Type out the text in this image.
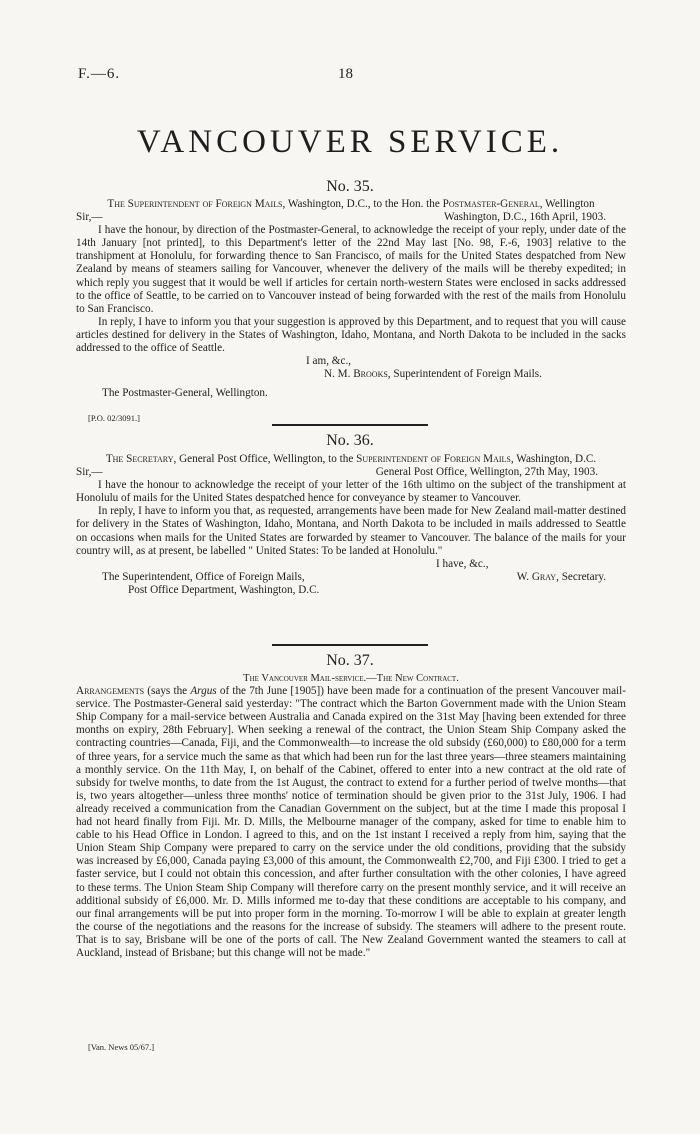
F.—6.	18
VANCOUVER SERVICE.
No. 35.

The Superintendent of Foreign Mails, Washington, D.C., to the Hon. the Postmaster-General, Wellington

Sir,—	Washington, D.C., 16th April, 1903.

I have the honour, by direction of the Postmaster-General, to acknowledge the receipt of your reply, under date of the 14th January [not printed], to this Department's letter of the 22nd May last [No. 98, F.-6, 1903] relative to the transhipment at Honolulu, for forwarding thence to San Francisco, of mails for the United States despatched from New Zealand by means of steamers sailing for Vancouver, whenever the delivery of the mails will be thereby expedited; in which reply you suggest that it would be well if articles for certain north-western States were enclosed in sacks addressed to the office of Seattle, to be carried on to Vancouver instead of being forwarded with the rest of the mails from Honolulu to San Francisco.

In reply, I have to inform you that your suggestion is approved by this Department, and to request that you will cause articles destined for delivery in the States of Washington, Idaho, Montana, and North Dakota to be included in the sacks addressed to the office of Seattle.

I am, &c.,

N. M. Brooks, Superintendent of Foreign Mails.

The Postmaster-General, Wellington.

[P.O. 02/3091.]
No. 36.

The Secretary, General Post Office, Wellington, to the Superintendent of Foreign Mails, Washington, D.C.

Sir,—	General Post Office, Wellington, 27th May, 1903.

I have the honour to acknowledge the receipt of your letter of the 16th ultimo on the subject of the transhipment at Honolulu of mails for the United States despatched hence for conveyance by steamer to Vancouver.

In reply, I have to inform you that, as requested, arrangements have been made for New Zealand mail-matter destined for delivery in the States of Washington, Idaho, Montana, and North Dakota to be included in mails addressed to Seattle on occasions when mails for the United States are forwarded by steamer to Vancouver. The balance of the mails for your country will, as at present, be labelled " United States: To be landed at Honolulu."

I have, &c.,

The Superintendent, Office of Foreign Mails,	W. Gray, Secretary.

Post Office Department, Washington, D.C.

No. 37.

The Vancouver Mail-service.—The New Contract.

Arrangements (says the Argus of the 7th June [1905]) have been made for a continuation of the present Vancouver mail-service. The Postmaster-General said yesterday: "The contract which the Barton Government made with the Union Steam Ship Company for a mail-service between Australia and Canada expired on the 31st May [having been extended for three months on expiry, 28th February]. When seeking a renewal of the contract, the Union Steam Ship Company asked the contracting countries—Canada, Fiji, and the Commonwealth—to increase the old subsidy (£60,000) to £80,000 for a term of three years, for a service much the same as that which had been run for the last three years—three steamers maintaining a monthly service. On the 11th May, I, on behalf of the Cabinet, offered to enter into a new contract at the old rate of subsidy for twelve months, to date from the 1st August, the contract to extend for a further period of twelve months—that is, two years altogether—unless three months' notice of termination should be given prior to the 31st July, 1906. I had already received a communication from the Canadian Government on the subject, but at the time I made this proposal I had not heard finally from Fiji. Mr. D. Mills, the Melbourne manager of the company, asked for time to enable him to cable to his Head Office in London. I agreed to this, and on the 1st instant I received a reply from him, saying that the Union Steam Ship Company were prepared to carry on the service under the old conditions, providing that the subsidy was increased by £6,000, Canada paying £3,000 of this amount, the Commonwealth £2,700, and Fiji £300. I tried to get a faster service, but I could not obtain this concession, and after further consultation with the other colonies, I have agreed to these terms. The Union Steam Ship Company will therefore carry on the present monthly service, and it will receive an additional subsidy of £6,000. Mr. D. Mills informed me to-day that these conditions are acceptable to his company, and our final arrangements will be put into proper form in the morning. To-morrow I will be able to explain at greater length the course of the negotiations and the reasons for the increase of subsidy. The steamers will adhere to the present route. That is to say, Brisbane will be one of the ports of call. The New Zealand Government wanted the steamers to call at Auckland, instead of Brisbane; but this change will not be made."

[Van. News 05/67.]
